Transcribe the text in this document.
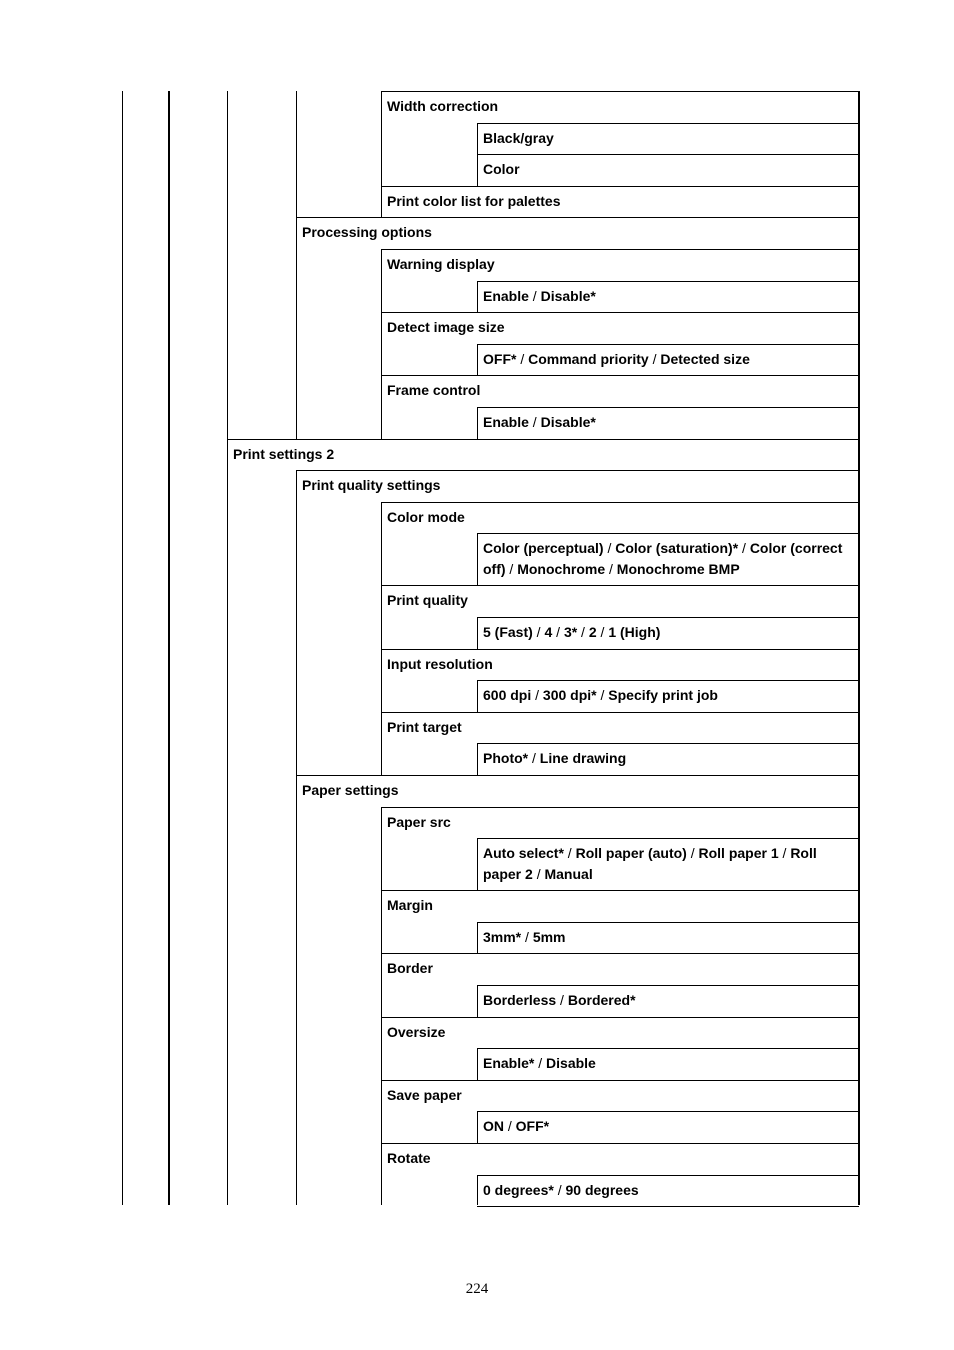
Width correction
Black/gray
Color
Print color list for palettes
Processing options
Warning display
Enable / Disable*
Detect image size
OFF* / Command priority / Detected size
Frame control
Enable / Disable*
Print settings 2
Print quality settings
Color mode
Color (perceptual) / Color (saturation)* / Color (correct off) / Monochrome / Monochrome BMP
Print quality
5 (Fast) / 4 / 3* / 2 / 1 (High)
Input resolution
600 dpi / 300 dpi* / Specify print job
Print target
Photo* / Line drawing
Paper settings
Paper src
Auto select* / Roll paper (auto) / Roll paper 1 / Roll paper 2 / Manual
Margin
3mm* / 5mm
Border
Borderless / Bordered*
Oversize
Enable* / Disable
Save paper
ON / OFF*
Rotate
0 degrees* / 90 degrees
224
